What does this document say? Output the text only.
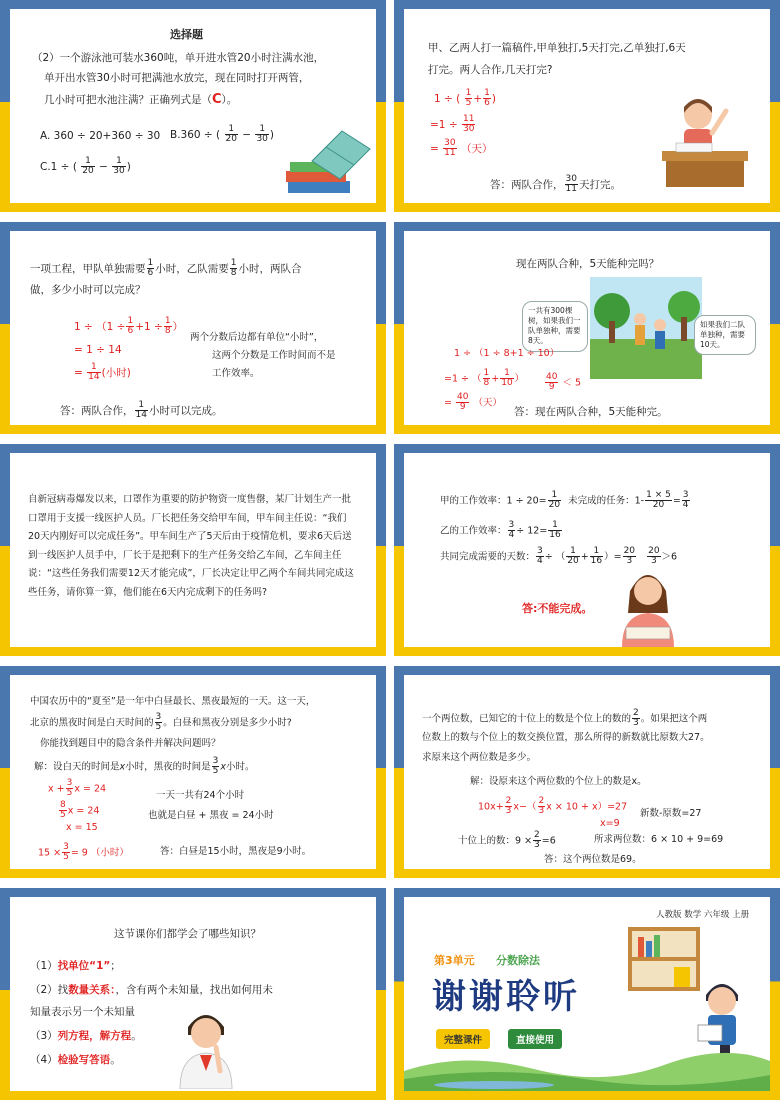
选择题
（2）一个游泳池可装水360吨，单开进水管20小时注满水池，
单开出水管30小时可把满池水放完，现在同时打开两管，
几小时可把水池注满？正确列式是（C）。
A. 360 ÷ 20+360 ÷ 30 B.360 ÷ ( $\frac{1}{20} - \frac{1}{30}$ )
C.1 ÷ ( $\frac{1}{20} - \frac{1}{30}$ )
甲、乙两人打一篇稿件,甲单独打,5天打完,乙单独打,6天
打完。两人合作,几天打完?
1 ÷ ( $\frac{1}{5} + \frac{1}{6}$ )
$=1 \div \frac{11}{30}$
= $\frac{30}{11}$ （天）
答：两队合作， $\frac{30}{11}$ 天打完。
一项工程，甲队单独需要 $\frac{1}{6}$ 小时，乙队需要 $\frac{1}{8}$ 小时，两队合
做，多少小时可以完成？
$1 \div (1 \div \frac{1}{6} +1 \div \frac{1}{8}$ ）
= 1 ÷ 14
= $\frac{1}{14}$ (小时)
两个分数后边都有单位“小时”，
这两个分数是工作时间而不是
工作效率。
答：两队合作， $\frac{1}{14}$ 小时可以完成。
现在两队合种，5天能种完吗？
一共有300棵树，如果我们一队单独种，需要8天。
如果我们二队单独种，需要10天。
1 ÷ （1 ÷ 8+1 ÷ 10）
=1 ÷ （ $\frac{1}{8} + \frac{1}{10}$ ） $\frac{40}{9} < 5$
= $\frac{40}{9}$ （天）
答：现在两队合种，5天能种完。
自新冠病毒爆发以来，口罩作为重要的防护物资一度售罄，某厂计划生产一批口罩用于支援一线医护人员。厂长把任务交给甲车间，甲车间主任说：“我们20天内刚好可以完成任务”。甲车间生产了5天后由于疫情危机，要求6天后送到一线医护人员手中，厂长于是把剩下的生产任务交给乙车间，乙车间主任说：“这些任务我们需要12天才能完成”，厂长决定让甲乙两个车间共同完成这些任务，请你算一算，他们能在6天内完成剩下的任务吗?
甲的工作效率：$1 \div 20= \frac{1}{20}$ 未完成的任务：$1- \frac{1 \times 5}{20} = \frac{3}{4}$
乙的工作效率： $\frac{3}{4} \div 12= \frac{1}{16}$
共同完成需要的天数： $\frac{3}{4}$ ÷ （ $\frac{1}{20} + \frac{1}{16}$ ）= $\frac{20}{3}$
$\frac{20}{3} >6$
答:不能完成。
中国农历中的“夏至”是一年中白昼最长、黑夜最短的一天。这一天，
北京的黑夜时间是白天时间的 $\frac{3}{5}$ 。白昼和黑夜分别是多少小时?
你能找到题目中的隐含条件并解决问题吗？
解：设白天的时间是x小时，黑夜的时间是 $\frac{3}{5}$ x小时。
$x + \frac{3}{5}$ x = 24
$\frac{8}{5}$ x = 24
x = 15
一天一共有24个小时
也就是白昼 + 黑夜 = 24小时
$15 \times \frac{3}{5} = 9$ （小时）	答：白昼是15小时，黑夜是9小时。
一个两位数，已知它的十位上的数是个位上的数的 $\frac{2}{3}$ 。如果把这个两
位数上的数与个位上的数交换位置，那么所得的新数就比原数大27。
求原来这个两位数是多少。
解：设原来这个两位数的个位上的数是x。
$10x+ \frac{2}{3} x-( \frac{2}{3}$ x × 10 + x）=27
x=9
新数-原数=27
十位上的数：$9 \times \frac{2}{3} =6$	所求两位数：6 × 10 + 9=69
答：这个两位数是69。
这节课你们都学会了哪些知识？
（1）找单位“1”；
（2）找数量关系：，含有两个未知量，找出如何用未
知量表示另一个未知量
（3）列方程，解方程。
（4）检验写答语。
人教版 数学 六年级 上册
第3单元 分数除法
谢谢聆听
完整课件	直接使用
